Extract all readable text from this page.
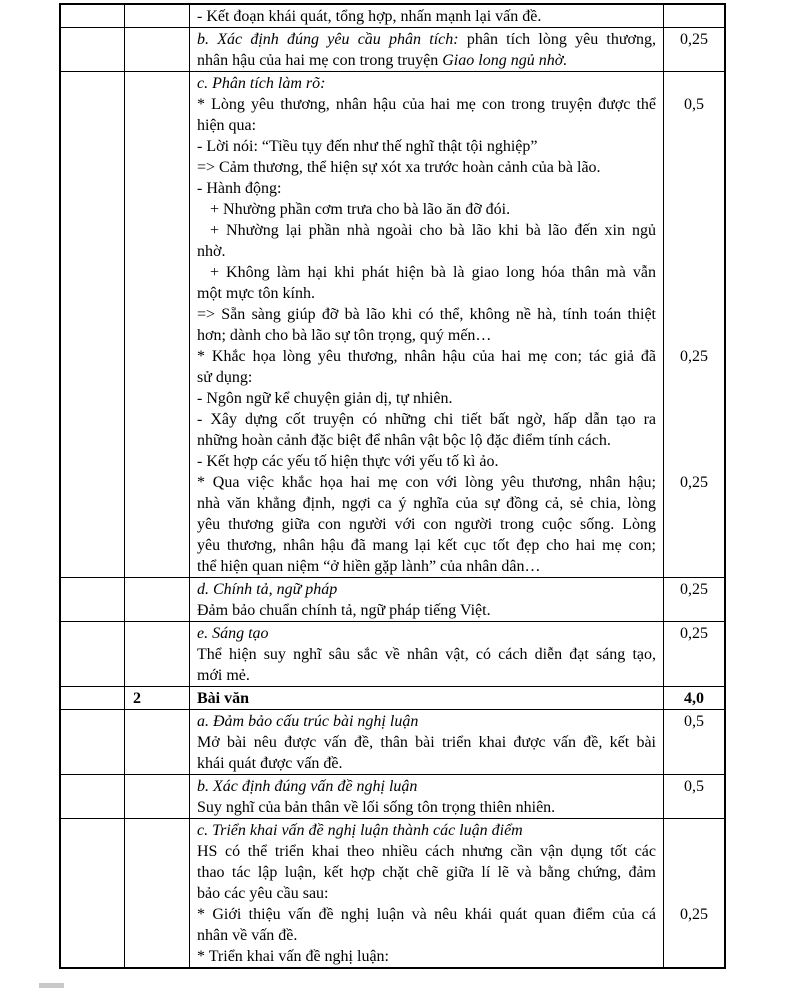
- Kết đoạn khái quát, tổng hợp, nhấn mạnh lại vấn đề.
b. Xác định đúng yêu cầu phân tích: phân tích lòng yêu thương,
nhân hậu của hai mẹ con trong truyện Giao long ngủ nhờ.
0,25
c. Phân tích làm rõ:
* Lòng yêu thương, nhân hậu của hai mẹ con trong truyện được thể
hiện qua:
- Lời nói: “Tiều tụy đến như thế nghĩ thật tội nghiệp”
=> Cảm thương, thể hiện sự xót xa trước hoàn cảnh của bà lão.
- Hành động:
+ Nhường phần cơm trưa cho bà lão ăn đỡ đói.
+ Nhường lại phần nhà ngoài cho bà lão khi bà lão đến xin ngủ
nhờ.
+ Không làm hại khi phát hiện bà là giao long hóa thân mà vẫn
một mực tôn kính.
=> Sẵn sàng giúp đỡ bà lão khi có thể, không nề hà, tính toán thiệt
hơn; dành cho bà lão sự tôn trọng, quý mến…
* Khắc họa lòng yêu thương, nhân hậu của hai mẹ con; tác giả đã
sử dụng:
- Ngôn ngữ kể chuyện giản dị, tự nhiên.
- Xây dựng cốt truyện có những chi tiết bất ngờ, hấp dẫn tạo ra
những hoàn cảnh đặc biệt để nhân vật bộc lộ đặc điểm tính cách.
- Kết hợp các yếu tố hiện thực với yếu tố kì ảo.
* Qua việc khắc họa hai mẹ con với lòng yêu thương, nhân hậu;
nhà văn khẳng định, ngợi ca ý nghĩa của sự đồng cả, sẻ chia, lòng
yêu thương giữa con người với con người trong cuộc sống. Lòng
yêu thương, nhân hậu đã mang lại kết cục tốt đẹp cho hai mẹ con;
thể hiện quan niệm “ở hiền gặp lành” của nhân dân…
0,5
0,25
0,25
d. Chính tả, ngữ pháp
Đảm bảo chuẩn chính tả, ngữ pháp tiếng Việt.
0,25
e. Sáng tạo
Thể hiện suy nghĩ sâu sắc về nhân vật, có cách diễn đạt sáng tạo,
mới mẻ.
0,25
2	Bài văn	4,0
a. Đảm bảo cấu trúc bài nghị luận
Mở bài nêu được vấn đề, thân bài triển khai được vấn đề, kết bài
khái quát được vấn đề.
0,5
b. Xác định đúng vấn đề nghị luận
Suy nghĩ của bản thân về lối sống tôn trọng thiên nhiên.
0,5
c. Triển khai vấn đề nghị luận thành các luận điểm
HS có thể triển khai theo nhiều cách nhưng cần vận dụng tốt các
thao tác lập luận, kết hợp chặt chẽ giữa lí lẽ và bằng chứng, đảm
bảo các yêu cầu sau:
* Giới thiệu vấn đề nghị luận và nêu khái quát quan điểm của cá
nhân về vấn đề.
* Triển khai vấn đề nghị luận:
0,25
